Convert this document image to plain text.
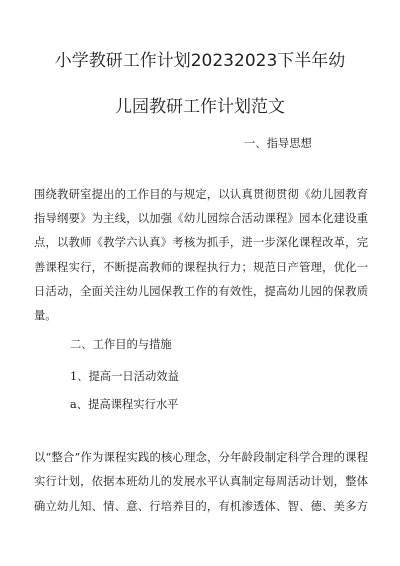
小学教研工作计划20232023下半年幼
儿园教研工作计划范文
一、指导思想
围绕教研室提出的工作目的与规定，以认真贯彻贯彻《幼儿园教育
指导纲要》为主线，以加强《幼儿园综合活动课程》园本化建设重
点，以教师《教学六认真》考核为抓手，进一步深化课程改革，完
善课程实行，不断提高教师的课程执行力；规范日产管理，优化一
日活动，全面关注幼儿园保教工作的有效性，提高幼儿园的保教质
量。
二、工作目的与措施
1、提高一日活动效益
a、提高课程实行水平
以“整合”作为课程实践的核心理念，分年龄段制定科学合理的课程
实行计划，依据本班幼儿的发展水平认真制定每周活动计划，整体
确立幼儿知、情、意、行培养目的，有机渗透体、智、德、美多方
